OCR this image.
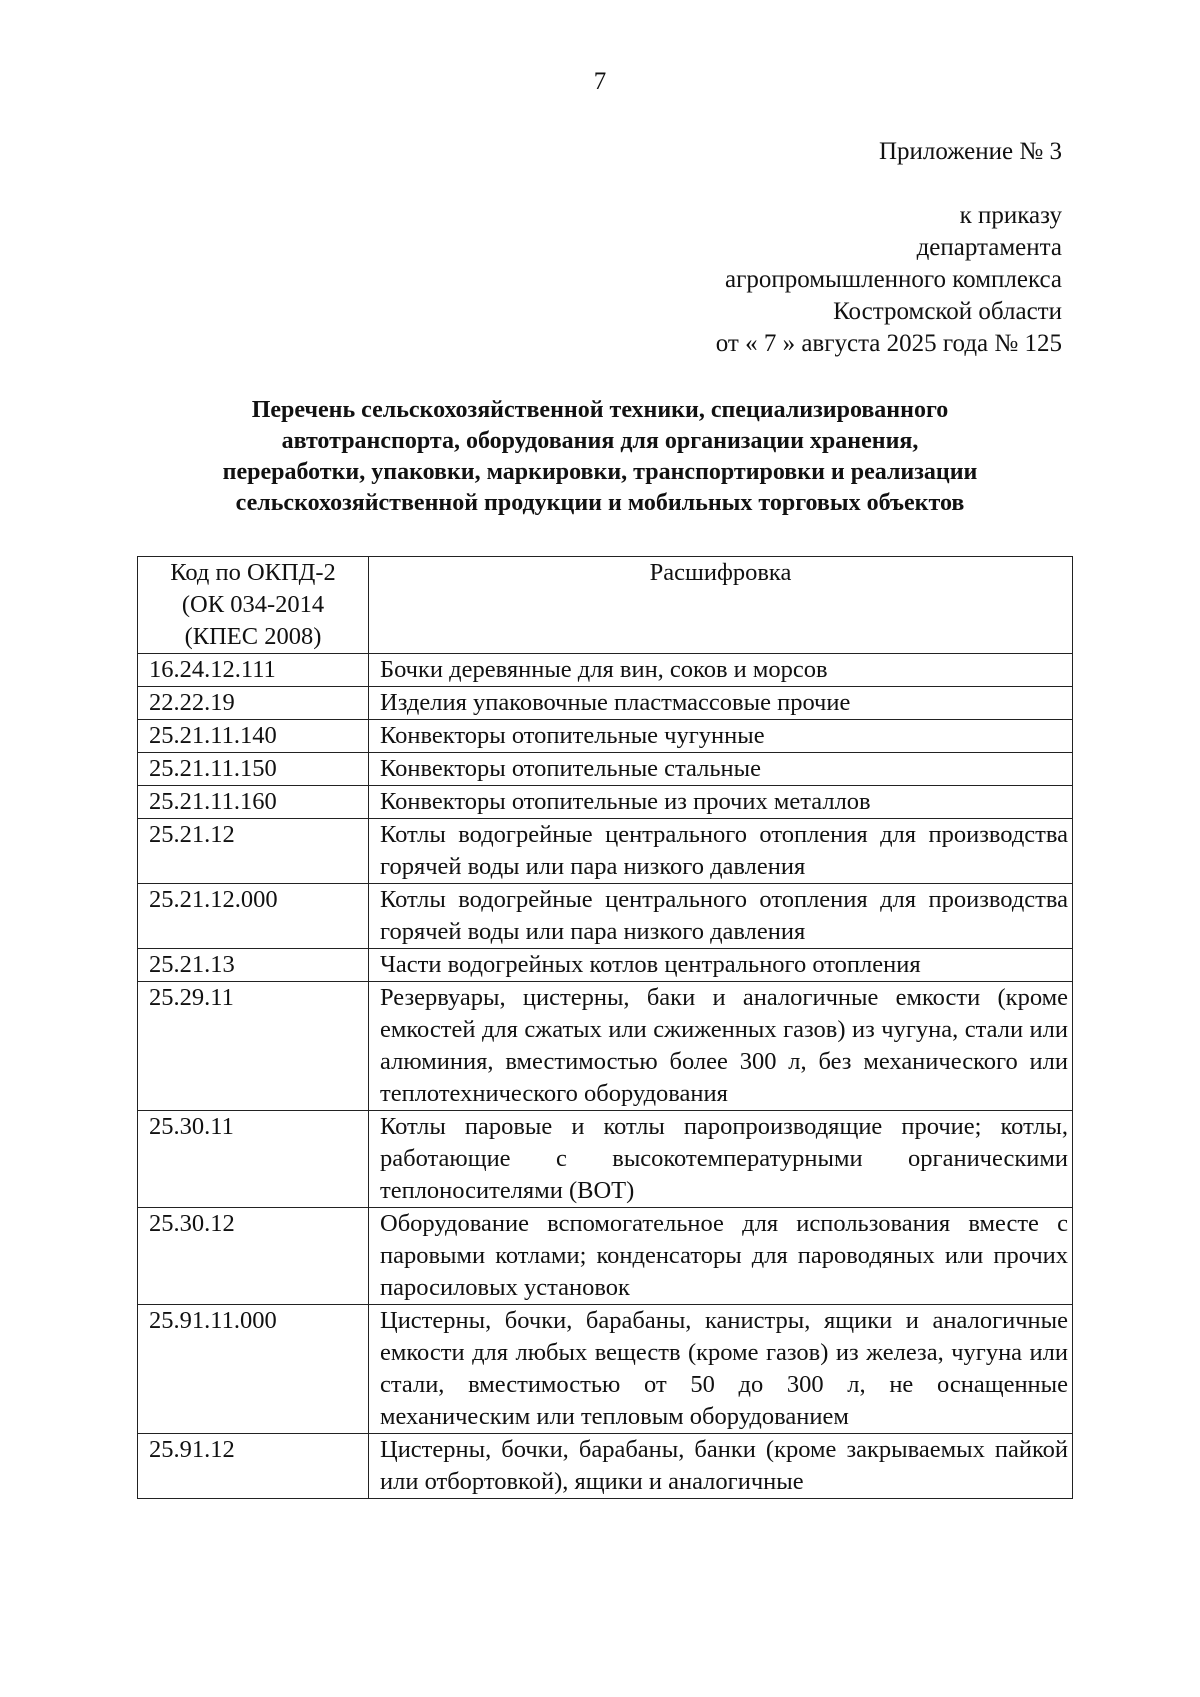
7
Приложение № 3
к приказу
департамента
агропромышленного комплекса
Костромской области
от « 7 » августа 2025 года № 125
Перечень сельскохозяйственной техники, специализированного
автотранспорта, оборудования для организации хранения,
переработки, упаковки, маркировки, транспортировки и реализации
сельскохозяйственной продукции и мобильных торговых объектов
Код по ОКПД-2
(ОК 034-2014
(КПЕС 2008)	Расшифровка
16.24.12.111	Бочки деревянные для вин, соков и морсов
22.22.19	Изделия упаковочные пластмассовые прочие
25.21.11.140	Конвекторы отопительные чугунные
25.21.11.150	Конвекторы отопительные стальные
25.21.11.160	Конвекторы отопительные из прочих металлов
25.21.12	Котлы водогрейные центрального отопления для производства горячей воды или пара низкого давления
25.21.12.000	Котлы водогрейные центрального отопления для производства горячей воды или пара низкого давления
25.21.13	Части водогрейных котлов центрального отопления
25.29.11	Резервуары, цистерны, баки и аналогичные емкости (кроме емкостей для сжатых или сжиженных газов) из чугуна, стали или алюминия, вместимостью более 300 л, без механического или теплотехнического оборудования
25.30.11	Котлы паровые и котлы паропроизводящие прочие; котлы, работающие с высокотемпературными органическими теплоносителями (ВОТ)
25.30.12	Оборудование вспомогательное для использования вместе с паровыми котлами; конденсаторы для пароводяных или прочих паросиловых установок
25.91.11.000	Цистерны, бочки, барабаны, канистры, ящики и аналогичные емкости для любых веществ (кроме газов) из железа, чугуна или стали, вместимостью от 50 до 300 л, не оснащенные механическим или тепловым оборудованием
25.91.12	Цистерны, бочки, барабаны, банки (кроме закрываемых пайкой или отбортовкой), ящики и аналогичные
